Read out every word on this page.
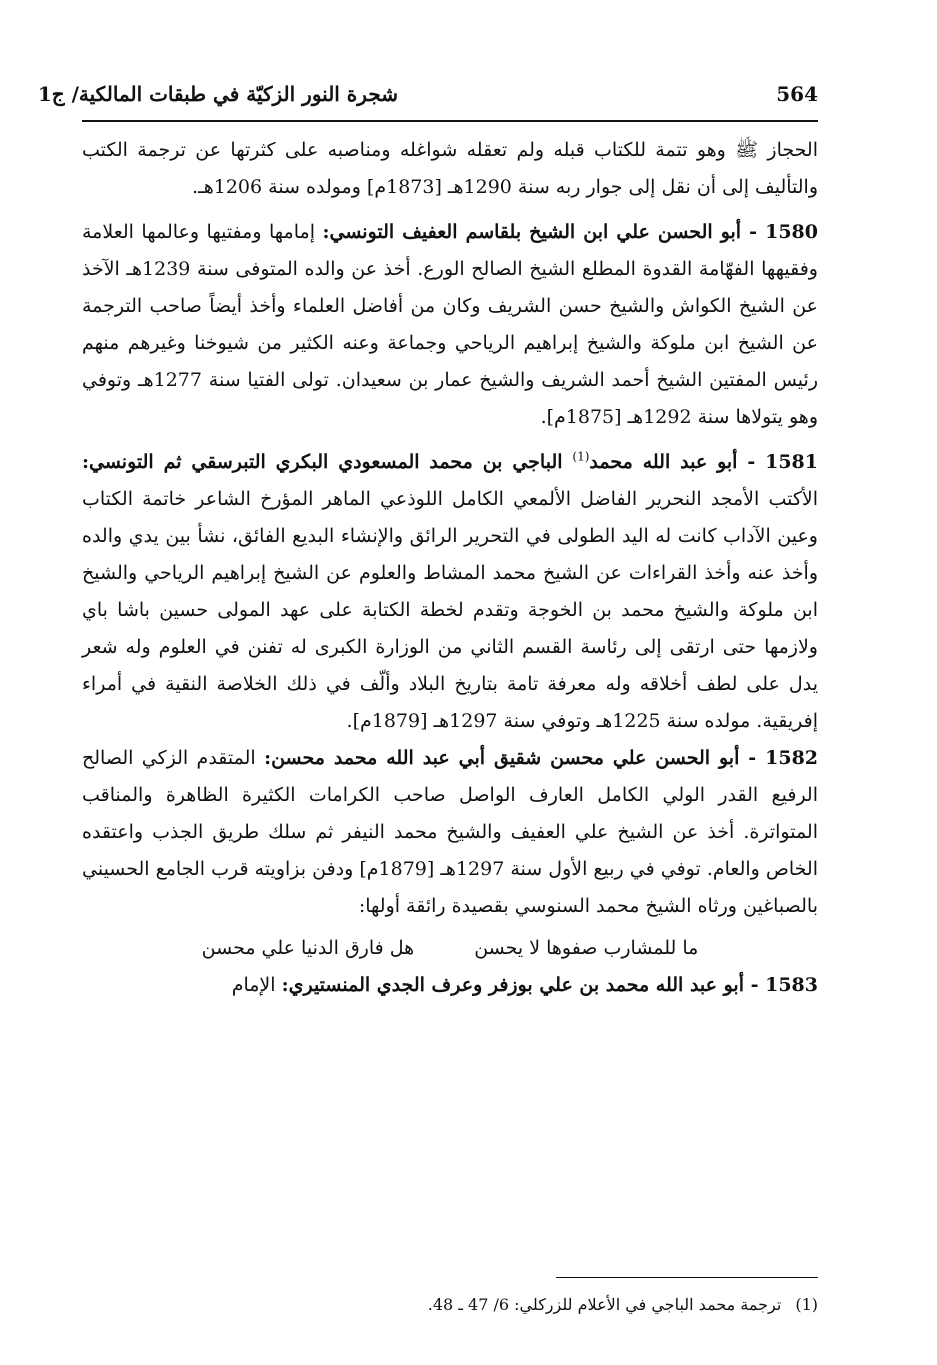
شجرة النور الزكيّة في طبقات المالكية/ ج1	564

الحجاز ﷺ وهو تتمة للكتاب قبله ولم تعقله شواغله ومناصبه على كثرتها عن ترجمة الكتب والتأليف إلى أن نقل إلى جوار ربه سنة 1290هـ [1873م] ومولده سنة 1206هـ.

1580 - أبو الحسن علي ابن الشيخ بلقاسم العفيف التونسي: إمامها ومفتيها وعالمها العلامة وفقيهها الفهّامة القدوة المطلع الشيخ الصالح الورع. أخذ عن والده المتوفى سنة 1239هـ الآخذ عن الشيخ الكواش والشيخ حسن الشريف وكان من أفاضل العلماء وأخذ أيضاً صاحب الترجمة عن الشيخ ابن ملوكة والشيخ إبراهيم الرياحي وجماعة وعنه الكثير من شيوخنا وغيرهم منهم رئيس المفتين الشيخ أحمد الشريف والشيخ عمار بن سعيدان. تولى الفتيا سنة 1277هـ وتوفي وهو يتولاها سنة 1292هـ [1875م].

1581 - أبو عبد الله محمد$^{(1)}$ الباجي بن محمد المسعودي البكري التبرسقي ثم التونسي: الأكتب الأمجد النحرير الفاضل الألمعي الكامل اللوذعي الماهر المؤرخ الشاعر خاتمة الكتاب وعين الآداب كانت له اليد الطولى في التحرير الرائق والإنشاء البديع الفائق، نشأ بين يدي والده وأخذ عنه وأخذ القراءات عن الشيخ محمد المشاط والعلوم عن الشيخ إبراهيم الرياحي والشيخ ابن ملوكة والشيخ محمد بن الخوجة وتقدم لخطة الكتابة على عهد المولى حسين باشا باي ولازمها حتى ارتقى إلى رئاسة القسم الثاني من الوزارة الكبرى له تفنن في العلوم وله شعر يدل على لطف أخلاقه وله معرفة تامة بتاريخ البلاد وألّف في ذلك الخلاصة النقية في أمراء إفريقية. مولده سنة 1225هـ وتوفي سنة 1297هـ [1879م].

1582 - أبو الحسن علي محسن شقيق أبي عبد الله محمد محسن: المتقدم الزكي الصالح الرفيع القدر الولي الكامل العارف الواصل صاحب الكرامات الكثيرة الظاهرة والمناقب المتواترة. أخذ عن الشيخ علي العفيف والشيخ محمد النيفر ثم سلك طريق الجذب واعتقده الخاص والعام. توفي في ربيع الأول سنة 1297هـ [1879م] ودفن بزاويته قرب الجامع الحسيني بالصباغين ورثاه الشيخ محمد السنوسي بقصيدة رائقة أولها:

ما للمشارب صفوها لا يحسن
هل فارق الدنيا علي محسن

1583 - أبو عبد الله محمد بن علي بوزفر وعرف الجدي المنستيري: الإمام

(1)ترجمة محمد الباجي في الأعلام للزركلي: 6/ 47 ـ 48.
